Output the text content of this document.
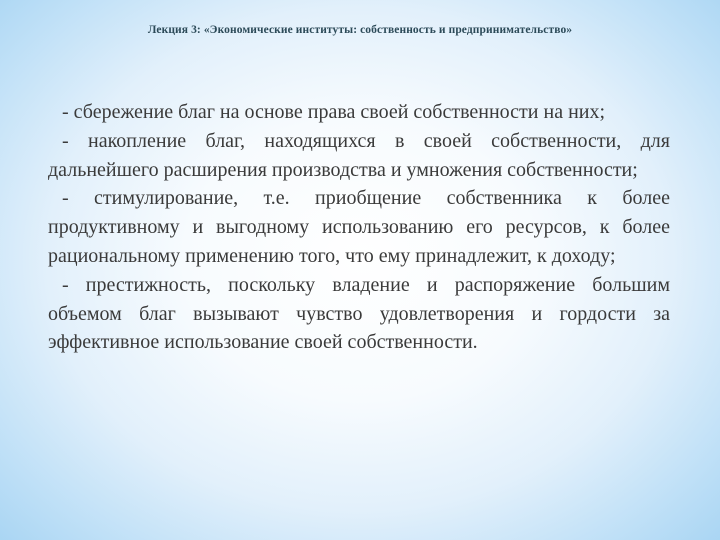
Лекция 3: «Экономические институты: собственность и предпринимательство»

- сбережение благ на основе права своей собственности на них;

- накопление благ, находящихся в своей собственности, для дальнейшего расширения производства и умножения собственности;

- стимулирование, т.е. приобщение собственника к более продуктивному и выгодному использованию его ресурсов, к более рациональному применению того, что ему принадлежит, к доходу;

- престижность, поскольку владение и распоряжение большим объемом благ вызывают чувство удовлетворения и гордости за эффективное использование своей собственности.
